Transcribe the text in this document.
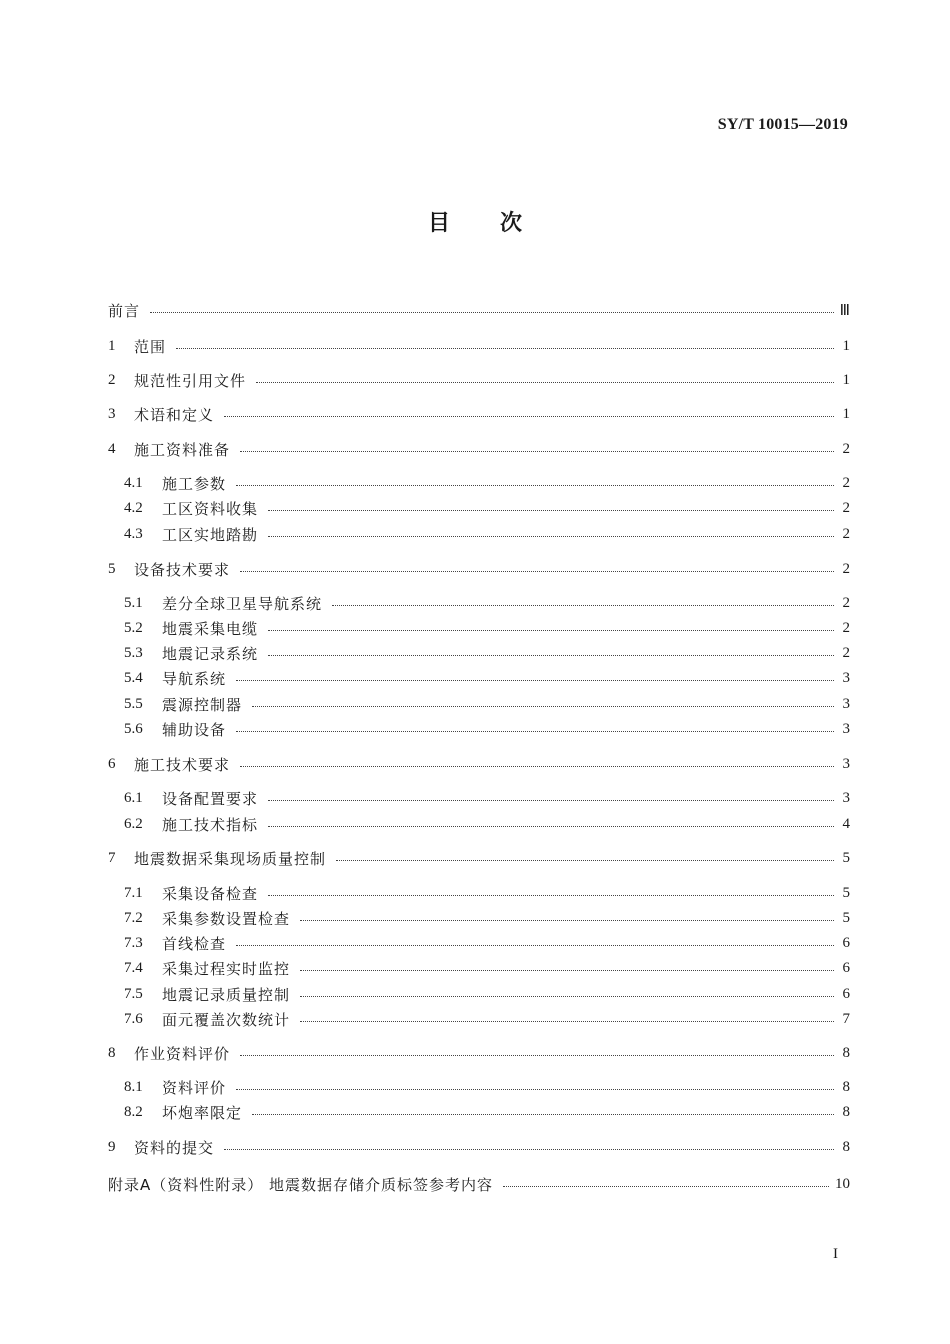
SY/T 10015—2019
目 次
前言	Ⅲ
1	范围	1
2	规范性引用文件	1
3	术语和定义	1
4	施工资料准备	2
4.1	施工参数	2
4.2	工区资料收集	2
4.3	工区实地踏勘	2
5	设备技术要求	2
5.1	差分全球卫星导航系统	2
5.2	地震采集电缆	2
5.3	地震记录系统	2
5.4	导航系统	3
5.5	震源控制器	3
5.6	辅助设备	3
6	施工技术要求	3
6.1	设备配置要求	3
6.2	施工技术指标	4
7	地震数据采集现场质量控制	5
7.1	采集设备检查	5
7.2	采集参数设置检查	5
7.3	首线检查	6
7.4	采集过程实时监控	6
7.5	地震记录质量控制	6
7.6	面元覆盖次数统计	7
8	作业资料评价	8
8.1	资料评价	8
8.2	坏炮率限定	8
9	资料的提交	8
附录A（资料性附录） 地震数据存储介质标签参考内容	10
I
